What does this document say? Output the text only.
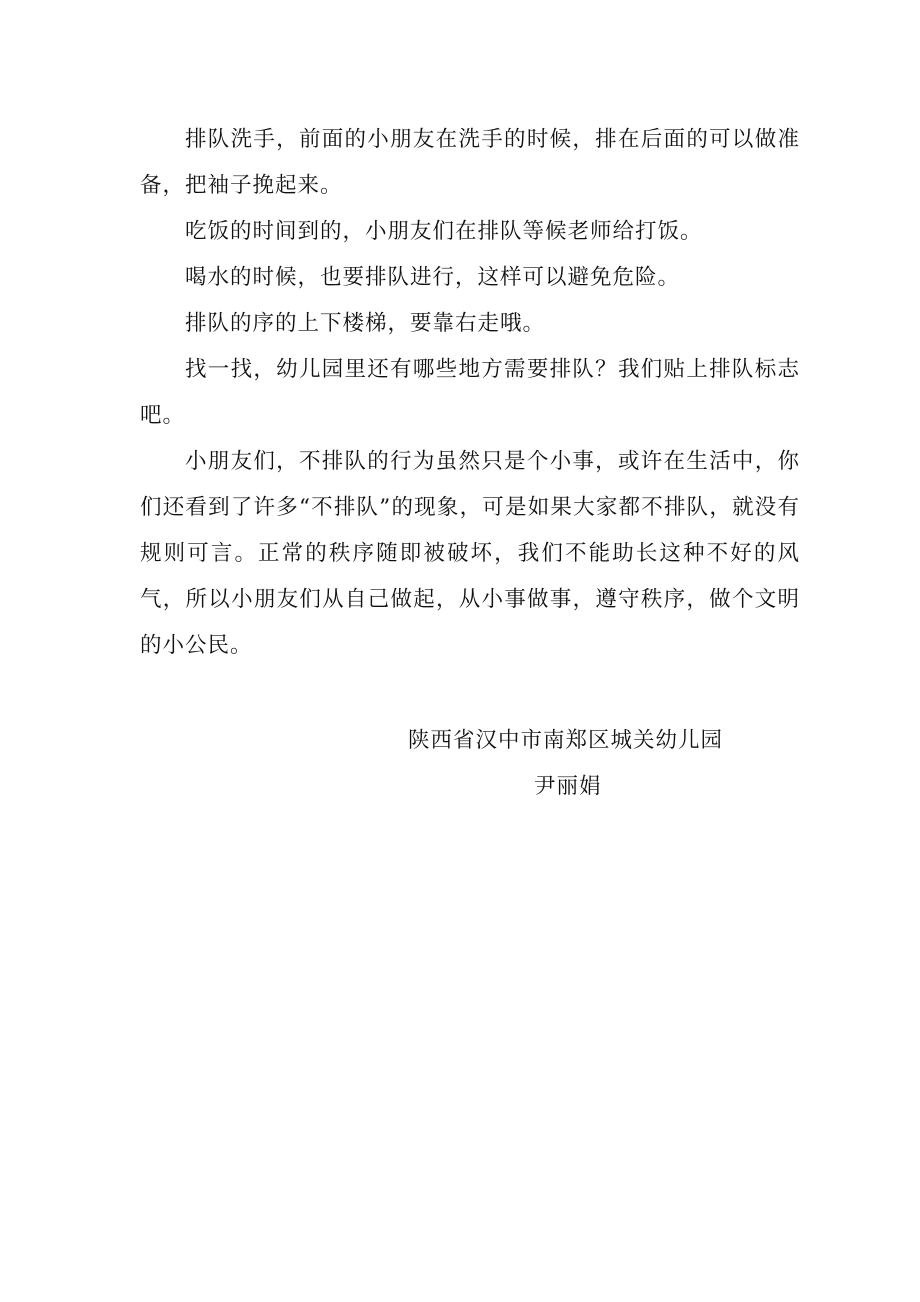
排队洗手，前面的小朋友在洗手的时候，排在后面的可以做准备，把袖子挽起来。

吃饭的时间到的，小朋友们在排队等候老师给打饭。

喝水的时候，也要排队进行，这样可以避免危险。

排队的序的上下楼梯，要靠右走哦。

找一找，幼儿园里还有哪些地方需要排队？我们贴上排队标志吧。

小朋友们，不排队的行为虽然只是个小事，或许在生活中，你们还看到了许多“不排队”的现象，可是如果大家都不排队，就没有规则可言。正常的秩序随即被破坏，我们不能助长这种不好的风气，所以小朋友们从自己做起，从小事做事，遵守秩序，做个文明的小公民。

陕西省汉中市南郑区城关幼儿园
尹丽娟
